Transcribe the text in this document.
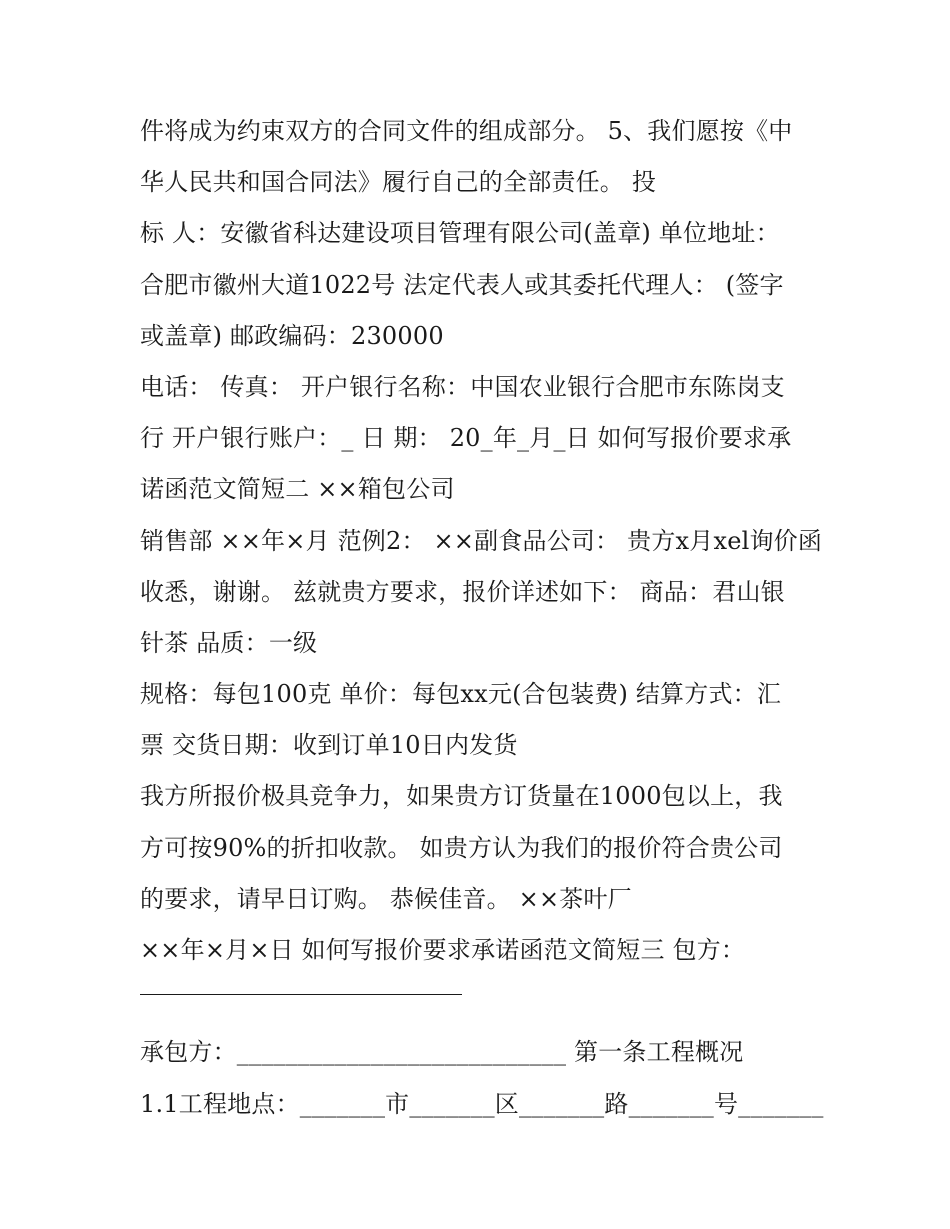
件将成为约束双方的合同文件的组成部分。 5、我们愿按《中
华人民共和国合同法》履行自己的全部责任。 投
标 人：安徽省科达建设项目管理有限公司(盖章) 单位地址：
合肥市徽州大道1022号 法定代表人或其委托代理人： (签字
或盖章) 邮政编码：230000
电话： 传真： 开户银行名称：中国农业银行合肥市东陈岗支
行 开户银行账户：_ 日 期： 20_年_月_日 如何写报价要求承
诺函范文简短二 ××箱包公司
销售部 ××年×月 范例2： ××副食品公司： 贵方x月xel询价函
收悉，谢谢。 兹就贵方要求，报价详述如下： 商品：君山银
针茶 品质：一级
规格：每包100克 单价：每包xx元(合包装费) 结算方式：汇
票 交货日期：收到订单10日内发货
我方所报价极具竞争力，如果贵方订货量在1000包以上，我
方可按90%的折扣收款。 如贵方认为我们的报价符合贵公司
的要求，请早日订购。 恭候佳音。 ××茶叶厂
××年×月×日 如何写报价要求承诺函范文简短三 包方：
承包方：___________________________ 第一条工程概况
1.1工程地点：_______市_______区_______路_______号_______
